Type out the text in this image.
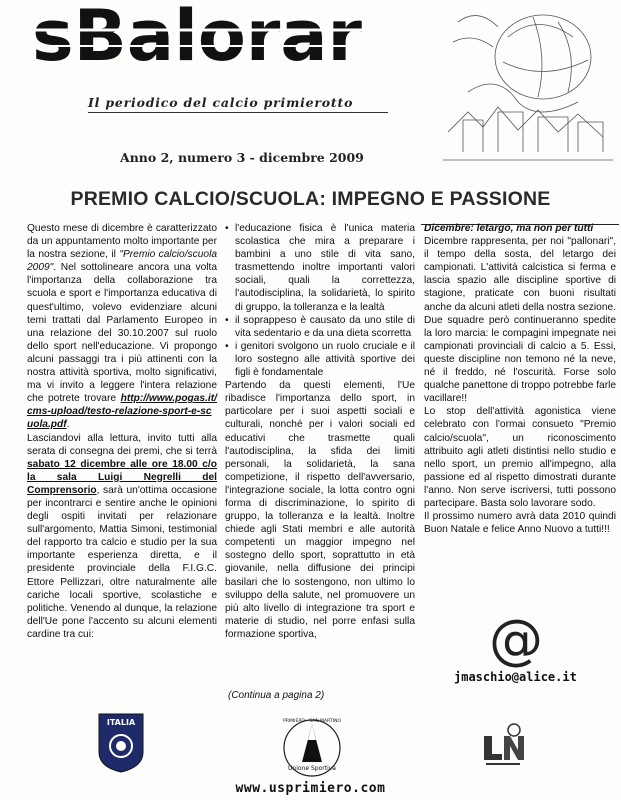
sBalorar
Il periodico del calcio primierotto
Anno 2, numero 3 - dicembre 2009
PREMIO CALCIO/SCUOLA: IMPEGNO E PASSIONE

Questo mese di dicembre è caratterizzato da un appuntamento molto importante per la nostra sezione, il "Premio calcio/scuola 2009". Nel sottolineare ancora una volta l'importanza della collaborazione tra scuola e sport e l'importanza educativa di quest'ultimo, volevo evidenziare alcuni temi trattati dal Parlamento Europeo in una relazione del 30.10.2007 sul ruolo dello sport nell'educazione. Vi propongo alcuni passaggi tra i più attinenti con la nostra attività sportiva, molto significativi, ma vi invito a leggere l'intera relazione che potrete trovare http://www.pogas.it/cms-upload/testo-relazione-sport-e-scuola.pdf.

Lasciandovi alla lettura, invito tutti alla serata di consegna dei premi, che si terrà sabato 12 dicembre alle ore 18.00 c/o la sala Luigi Negrelli del Comprensorio, sarà un'ottima occasione per incontrarci e sentire anche le opinioni degli ospiti invitati per relazionare sull'argomento, Mattia Simoni, testimonial del rapporto tra calcio e studio per la sua importante esperienza diretta, e il presidente provinciale della F.I.G.C. Ettore Pellizzari, oltre naturalmente alle cariche locali sportive, scolastiche e politiche. Venendo al dunque, la relazione dell'Ue pone l'accento su alcuni elementi cardine tra cui:

• l'educazione fisica è l'unica materia scolastica che mira a preparare i bambini a uno stile di vita sano, trasmettendo inoltre importanti valori sociali, quali la correttezza, l'autodisciplina, la solidarietà, lo spirito di gruppo, la tolleranza e la lealtà
• il soprappeso è causato da uno stile di vita sedentario e da una dieta scorretta
• i genitori svolgono un ruolo cruciale e il loro sostegno alle attività sportive dei figli è fondamentale

Partendo da questi elementi, l'Ue ribadisce l'importanza dello sport, in particolare per i suoi aspetti sociali e culturali, nonché per i valori sociali ed educativi che trasmette quali l'autodisciplina, la sfida dei limiti personali, la solidarietà, la sana competizione, il rispetto dell'avversario, l'integrazione sociale, la lotta contro ogni forma di discriminazione, lo spirito di gruppo, la tolleranza e la lealtà. Inoltre chiede agli Stati membri e alle autorità competenti un maggior impegno nel sostegno dello sport, soprattutto in età giovanile, nella diffusione dei principi basilari che lo sostengono, non ultimo lo sviluppo della salute, nel promuovere un più alto livello di integrazione tra sport e materie di studio, nel porre enfasi sulla formazione sportiva,

(Continua a pagina 2)

Dicembre: letargo, ma non per tutti

Dicembre rappresenta, per noi "pallonari", il tempo della sosta, del letargo dei campionati. L'attività calcistica si ferma e lascia spazio alle discipline sportive di stagione, praticate con buoni risultati anche da alcuni atleti della nostra sezione. Due squadre però continueranno spedite la loro marcia: le compagini impegnate nei campionati provinciali di calcio a 5. Essi, queste discipline non temono né la neve, né il freddo, né l'oscurità. Forse solo qualche panettone di troppo potrebbe farle vacillare!!

Lo stop dell'attività agonistica viene celebrato con l'ormai consueto "Premio calcio/scuola", un riconoscimento attribuito agli atleti distintisi nello studio e nello sport, un premio all'impegno, alla passione ed al rispetto dimostrati durante l'anno. Non serve iscriversi, tutti possono partecipare. Basta solo lavorare sodo.

Il prossimo numero avrà data 2010 quindi Buon Natale e felice Anno Nuovo a tutti!!!

@
jmaschio@alice.it
ITALIA
Unione Sportiva
PRIMIERO · SAN MARTINO
www.usprimiero.com
